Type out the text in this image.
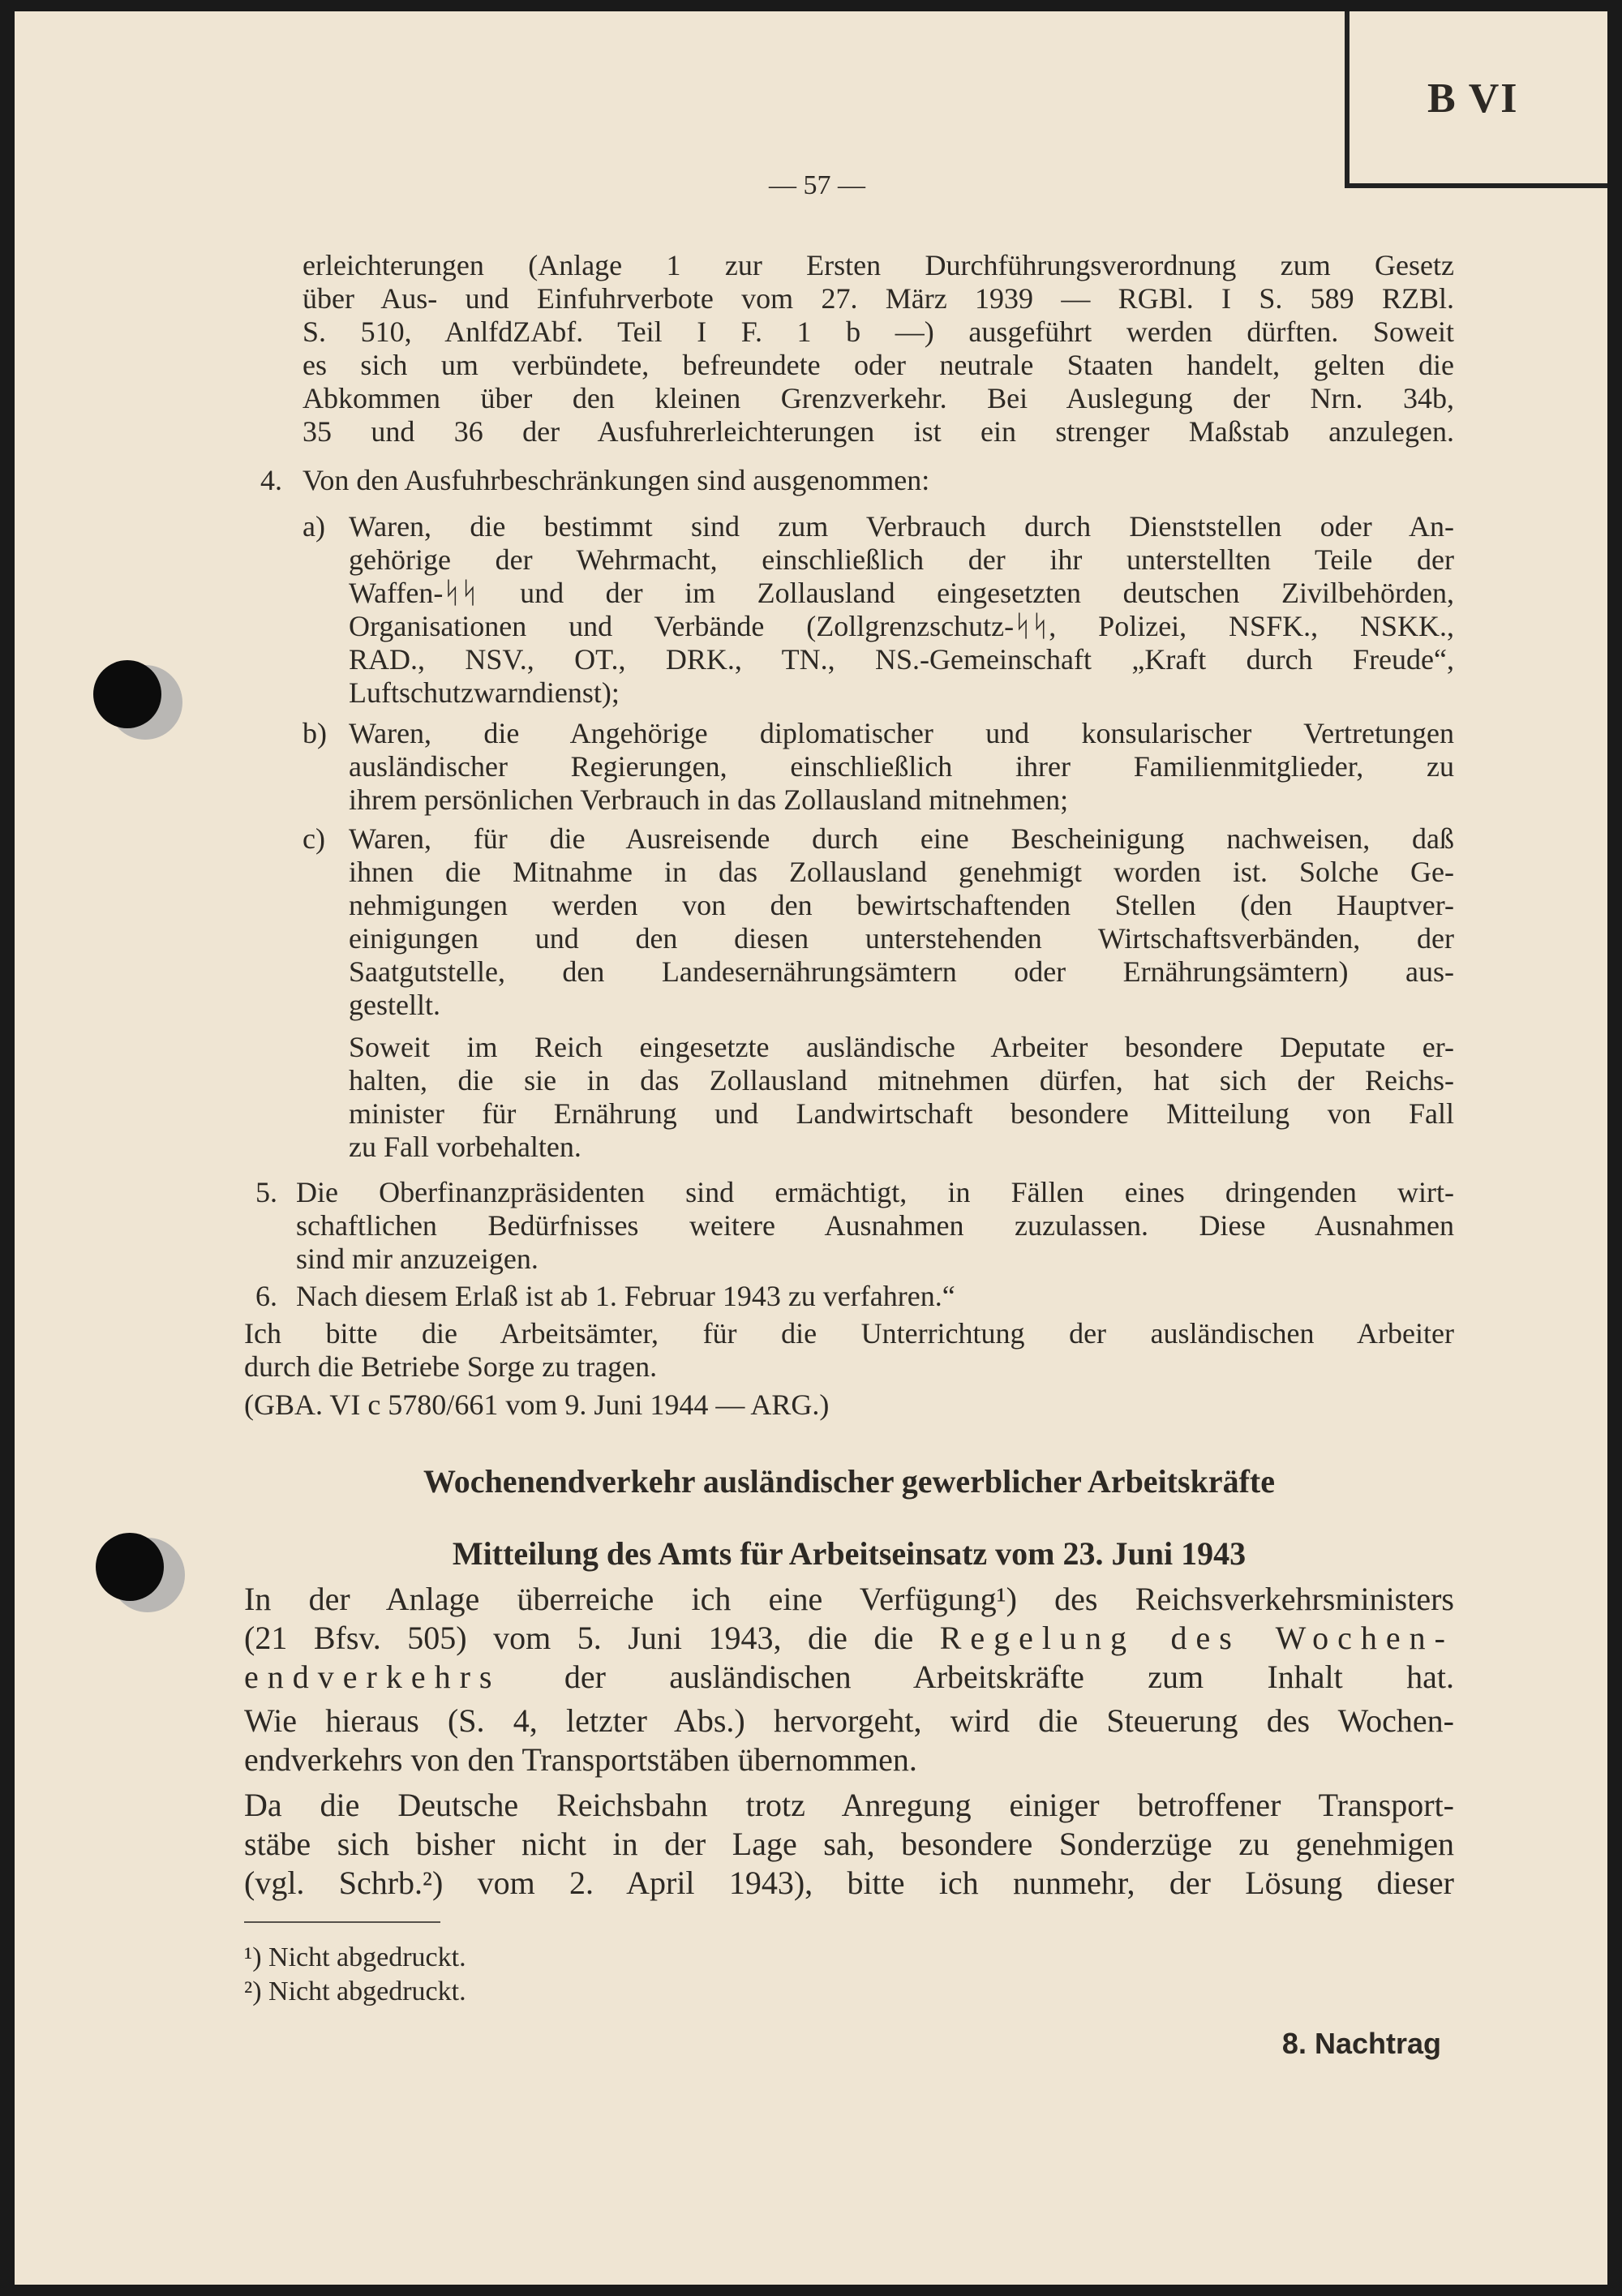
B VI
— 57 —

erleichterungen (Anlage 1 zur Ersten Durchführungsverordnung zum Gesetz

über Aus- und Einfuhrverbote vom 27. März 1939 — RGBl. I S. 589 RZBl.

S. 510, AnlfdZAbf. Teil I F. 1 b —) ausgeführt werden dürften. Soweit

es sich um verbündete, befreundete oder neutrale Staaten handelt, gelten die

Abkommen über den kleinen Grenzverkehr. Bei Auslegung der Nrn. 34b,

35 und 36 der Ausfuhrerleichterungen ist ein strenger Maßstab anzulegen.

4. Von den Ausfuhrbeschränkungen sind ausgenommen:

a) Waren, die bestimmt sind zum Verbrauch durch Dienststellen oder An-

gehörige der Wehrmacht, einschließlich der ihr unterstellten Teile der

Waffen-ᛋᛋ und der im Zollausland eingesetzten deutschen Zivilbehörden,

Organisationen und Verbände (Zollgrenzschutz-ᛋᛋ, Polizei, NSFK., NSKK.,

RAD., NSV., OT., DRK., TN., NS.-Gemeinschaft „Kraft durch Freude“,

Luftschutzwarndienst);

b) Waren, die Angehörige diplomatischer und konsularischer Vertretungen

ausländischer Regierungen, einschließlich ihrer Familienmitglieder, zu

ihrem persönlichen Verbrauch in das Zollausland mitnehmen;

c) Waren, für die Ausreisende durch eine Bescheinigung nachweisen, daß

ihnen die Mitnahme in das Zollausland genehmigt worden ist. Solche Ge-

nehmigungen werden von den bewirtschaftenden Stellen (den Hauptver-

einigungen und den diesen unterstehenden Wirtschaftsverbänden, der

Saatgutstelle, den Landesernährungsämtern oder Ernährungsämtern) aus-

gestellt.

Soweit im Reich eingesetzte ausländische Arbeiter besondere Deputate er-

halten, die sie in das Zollausland mitnehmen dürfen, hat sich der Reichs-

minister für Ernährung und Landwirtschaft besondere Mitteilung von Fall

zu Fall vorbehalten.

5. Die Oberfinanzpräsidenten sind ermächtigt, in Fällen eines dringenden wirt-

schaftlichen Bedürfnisses weitere Ausnahmen zuzulassen. Diese Ausnahmen

sind mir anzuzeigen.

6. Nach diesem Erlaß ist ab 1. Februar 1943 zu verfahren.“

Ich bitte die Arbeitsämter, für die Unterrichtung der ausländischen Arbeiter

durch die Betriebe Sorge zu tragen.

(GBA. VI c 5780/661 vom 9. Juni 1944 — ARG.)

Wochenendverkehr ausländischer gewerblicher Arbeitskräfte

Mitteilung des Amts für Arbeitseinsatz vom 23. Juni 1943

In der Anlage überreiche ich eine Verfügung¹) des Reichsverkehrsministers

(21 Bfsv. 505) vom 5. Juni 1943, die die Regelung des Wochen-

endverkehrs der ausländischen Arbeitskräfte zum Inhalt hat.

Wie hieraus (S. 4, letzter Abs.) hervorgeht, wird die Steuerung des Wochen-

endverkehrs von den Transportstäben übernommen.

Da die Deutsche Reichsbahn trotz Anregung einiger betroffener Transport-

stäbe sich bisher nicht in der Lage sah, besondere Sonderzüge zu genehmigen

(vgl. Schrb.²) vom 2. April 1943), bitte ich nunmehr, der Lösung dieser

¹) Nicht abgedruckt.

²) Nicht abgedruckt.

8. Nachtrag
